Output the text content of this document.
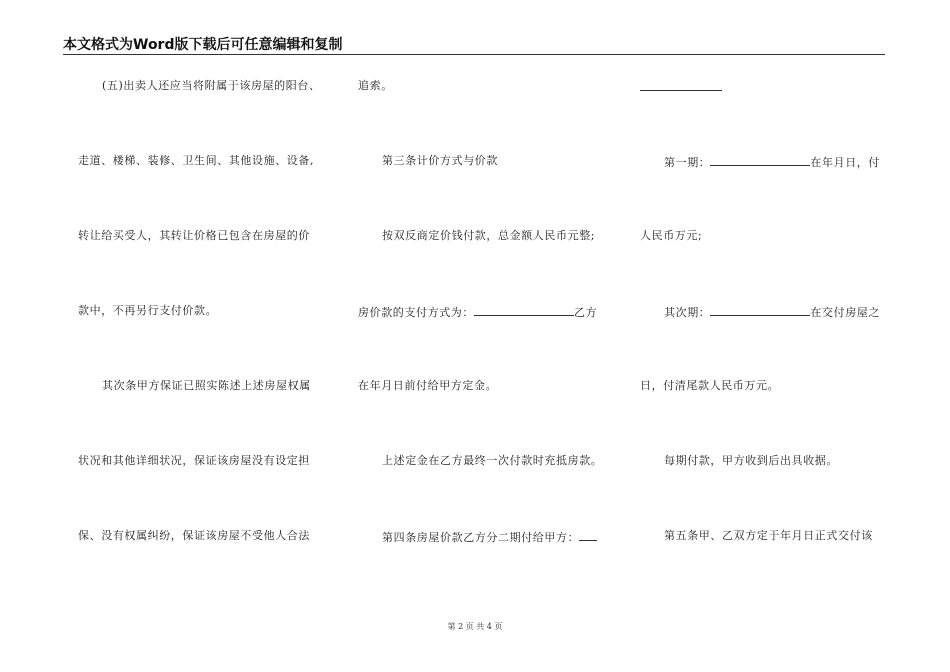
本文格式为Word版下载后可任意编辑和复制
(五)出卖人还应当将附属于该房屋的阳台、
走道、楼梯、装修、卫生间、其他设施、设备,
转让给买受人，其转让价格已包含在房屋的价
款中，不再另行支付价款。
其次条甲方保证已照实陈述上述房屋权属
状况和其他详细状况，保证该房屋没有设定担
保、没有权属纠纷，保证该房屋不受他人合法
追索。
第三条计价方式与价款
按双反商定价钱付款，总金额人民币元整;
房价款的支付方式为：	乙方
在年月日前付给甲方定金。
上述定金在乙方最终一次付款时充抵房款。
第四条房屋价款乙方分二期付给甲方：
第一期：	在年月日，付
人民币万元;
其次期：	在交付房屋之
日，付清尾款人民币万元。
每期付款，甲方收到后出具收据。
第五条甲、乙双方定于年月日正式交付该
第 2 页 共 4 页
